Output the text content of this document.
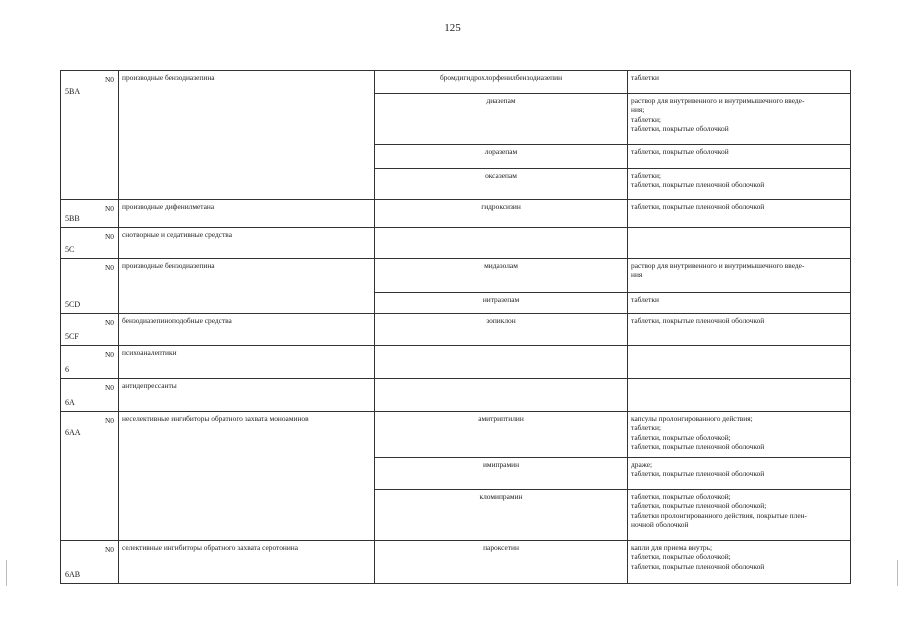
125
N0
5BA	производные бензодиазепина	бромдигидрохлорфенилбензодиазепин	таблетки

		диазепам	раствор для внутривенного и внутримышечного введе-
ния;
таблетки;
таблетки, покрытые оболочкой

		лоразепам	таблетки, покрытые оболочкой

		оксазепам	таблетки;
таблетки, покрытые пленочной оболочкой

N0
5BB	производные дифенилметана	гидроксизин	таблетки, покрытые пленочной оболочкой

N0
5C	снотворные и седативные средства		

N0
5CD	производные бензодиазепина	мидазолам	раствор для внутривенного и внутримышечного введе-
ния

		нитразепам	таблетки

N0
5CF	бензодиазепиноподобные средства	зопиклон	таблетки, покрытые пленочной оболочкой

N0
6	психоаналептики		

N0
6A	антидепрессанты		

N0
6AA	неселективные ингибиторы обратного захвата моноаминов	амитриптилин	капсулы пролонгированного действия;
таблетки;
таблетки, покрытые оболочкой;
таблетки, покрытые пленочной оболочкой

		имипрамин	драже;
таблетки, покрытые пленочной оболочкой

		кломипрамин	таблетки, покрытые оболочкой;
таблетки, покрытые пленочной оболочкой;
таблетки пролонгированного действия, покрытые плен-
ночной оболочкой

N0
6AB	селективные ингибиторы обратного захвата серотонина	пароксетин	капли для приема внутрь;
таблетки, покрытые оболочкой;
таблетки, покрытые пленочной оболочкой
